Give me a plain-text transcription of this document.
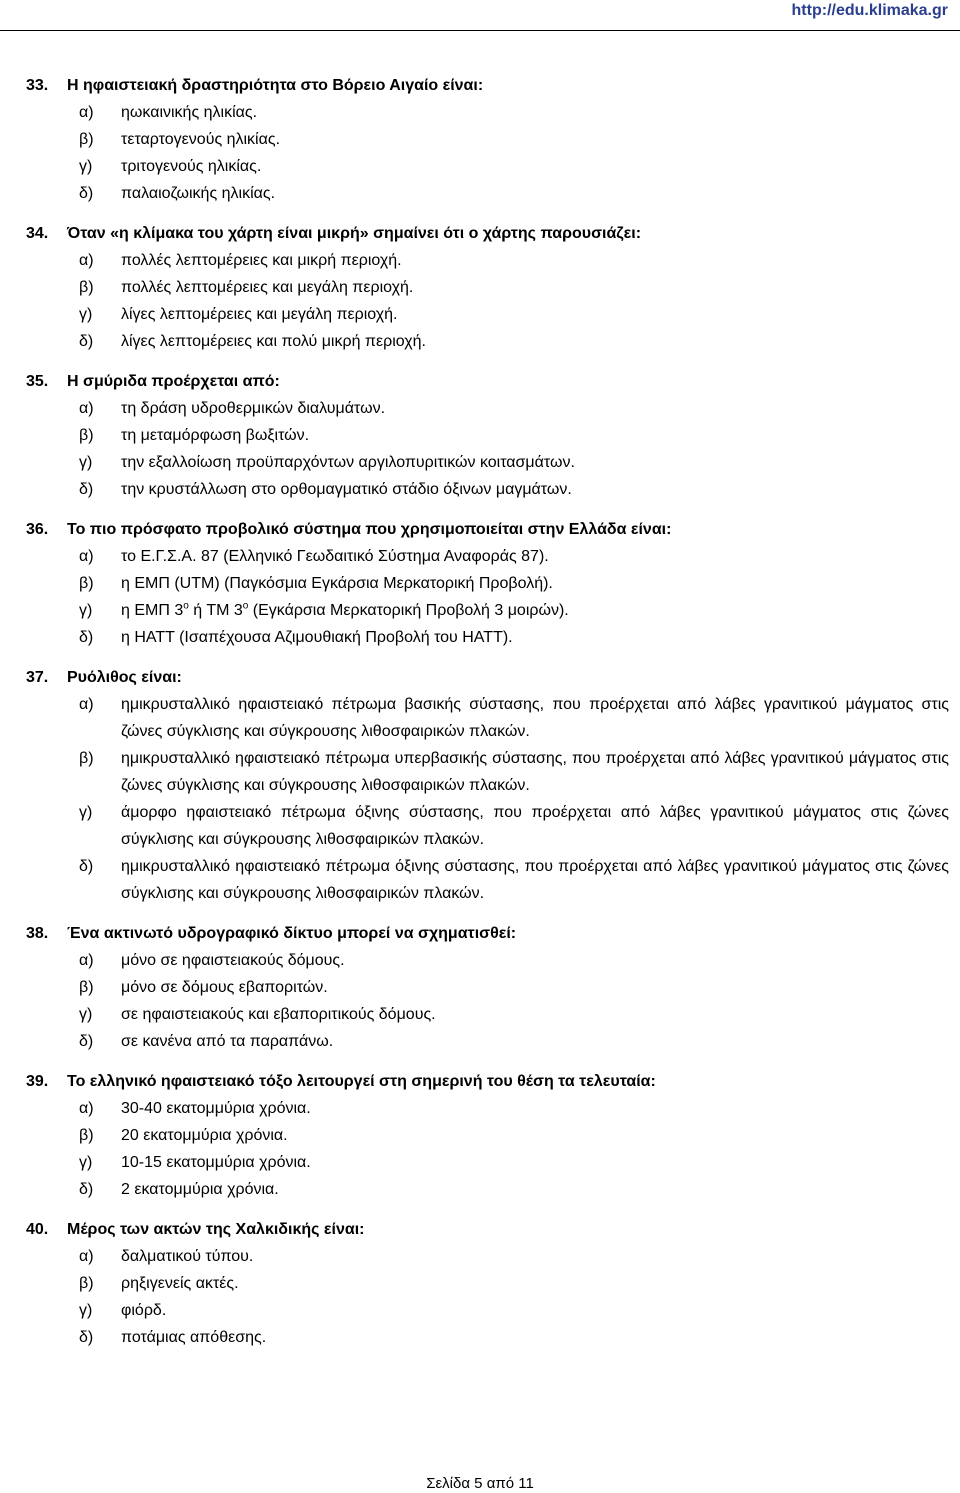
http://edu.klimaka.gr
33.	Η ηφαιστειακή δραστηριότητα στο Βόρειο Αιγαίο είναι:
α) ηωκαινικής ηλικίας.
β) τεταρτογενούς ηλικίας.
γ) τριτογενούς ηλικίας.
δ) παλαιοζωικής ηλικίας.
34.	Όταν «η κλίμακα του χάρτη είναι μικρή» σημαίνει ότι ο χάρτης παρουσιάζει:
α) πολλές λεπτομέρειες και μικρή περιοχή.
β) πολλές λεπτομέρειες και μεγάλη περιοχή.
γ) λίγες λεπτομέρειες και μεγάλη περιοχή.
δ) λίγες λεπτομέρειες και πολύ μικρή περιοχή.
35.	Η σμύριδα προέρχεται από:
α) τη δράση υδροθερμικών διαλυμάτων.
β) τη μεταμόρφωση βωξιτών.
γ) την εξαλλοίωση προϋπαρχόντων αργιλοπυριτικών κοιτασμάτων.
δ) την κρυστάλλωση στο ορθομαγματικό στάδιο όξινων μαγμάτων.
36.	Το πιο πρόσφατο προβολικό σύστημα που χρησιμοποιείται στην Ελλάδα είναι:
α) το Ε.Γ.Σ.Α. 87 (Ελληνικό Γεωδαιτικό Σύστημα Αναφοράς 87).
β) η ΕΜΠ (UTM) (Παγκόσμια Εγκάρσια Μερκατορική Προβολή).
γ) η ΕΜΠ $3^o$ ή ΤΜ $3^o$ (Εγκάρσια Μερκατορική Προβολή 3 μοιρών).
δ) η ΗΑΤΤ (Ισαπέχουσα Αζιμουθιακή Προβολή του ΗΑΤΤ).
37.	Ρυόλιθος είναι:
α) ημικρυσταλλικό ηφαιστειακό πέτρωμα βασικής σύστασης, που προέρχεται από λάβες γρανιτικού μάγματος στις ζώνες σύγκλισης και σύγκρουσης λιθοσφαιρικών πλακών.
β) ημικρυσταλλικό ηφαιστειακό πέτρωμα υπερβασικής σύστασης, που προέρχεται από λάβες γρανιτικού μάγματος στις ζώνες σύγκλισης και σύγκρουσης λιθοσφαιρικών πλακών.
γ) άμορφο ηφαιστειακό πέτρωμα όξινης σύστασης, που προέρχεται από λάβες γρανιτικού μάγματος στις ζώνες σύγκλισης και σύγκρουσης λιθοσφαιρικών πλακών.
δ) ημικρυσταλλικό ηφαιστειακό πέτρωμα όξινης σύστασης, που προέρχεται από λάβες γρανιτικού μάγματος στις ζώνες σύγκλισης και σύγκρουσης λιθοσφαιρικών πλακών.
38.	Ένα ακτινωτό υδρογραφικό δίκτυο μπορεί να σχηματισθεί:
α) μόνο σε ηφαιστειακούς δόμους.
β) μόνο σε δόμους εβαποριτών.
γ) σε ηφαιστειακούς και εβαποριτικούς δόμους.
δ) σε κανένα από τα παραπάνω.
39.	Το ελληνικό ηφαιστειακό τόξο λειτουργεί στη σημερινή του θέση τα τελευταία:
α) 30-40 εκατομμύρια χρόνια.
β) 20 εκατομμύρια χρόνια.
γ) 10-15 εκατομμύρια χρόνια.
δ) 2 εκατομμύρια χρόνια.
40.	Μέρος των ακτών της Χαλκιδικής είναι:
α) δαλματικού τύπου.
β) ρηξιγενείς ακτές.
γ) φιόρδ.
δ) ποτάμιας απόθεσης.
Σελίδα 5 από 11
